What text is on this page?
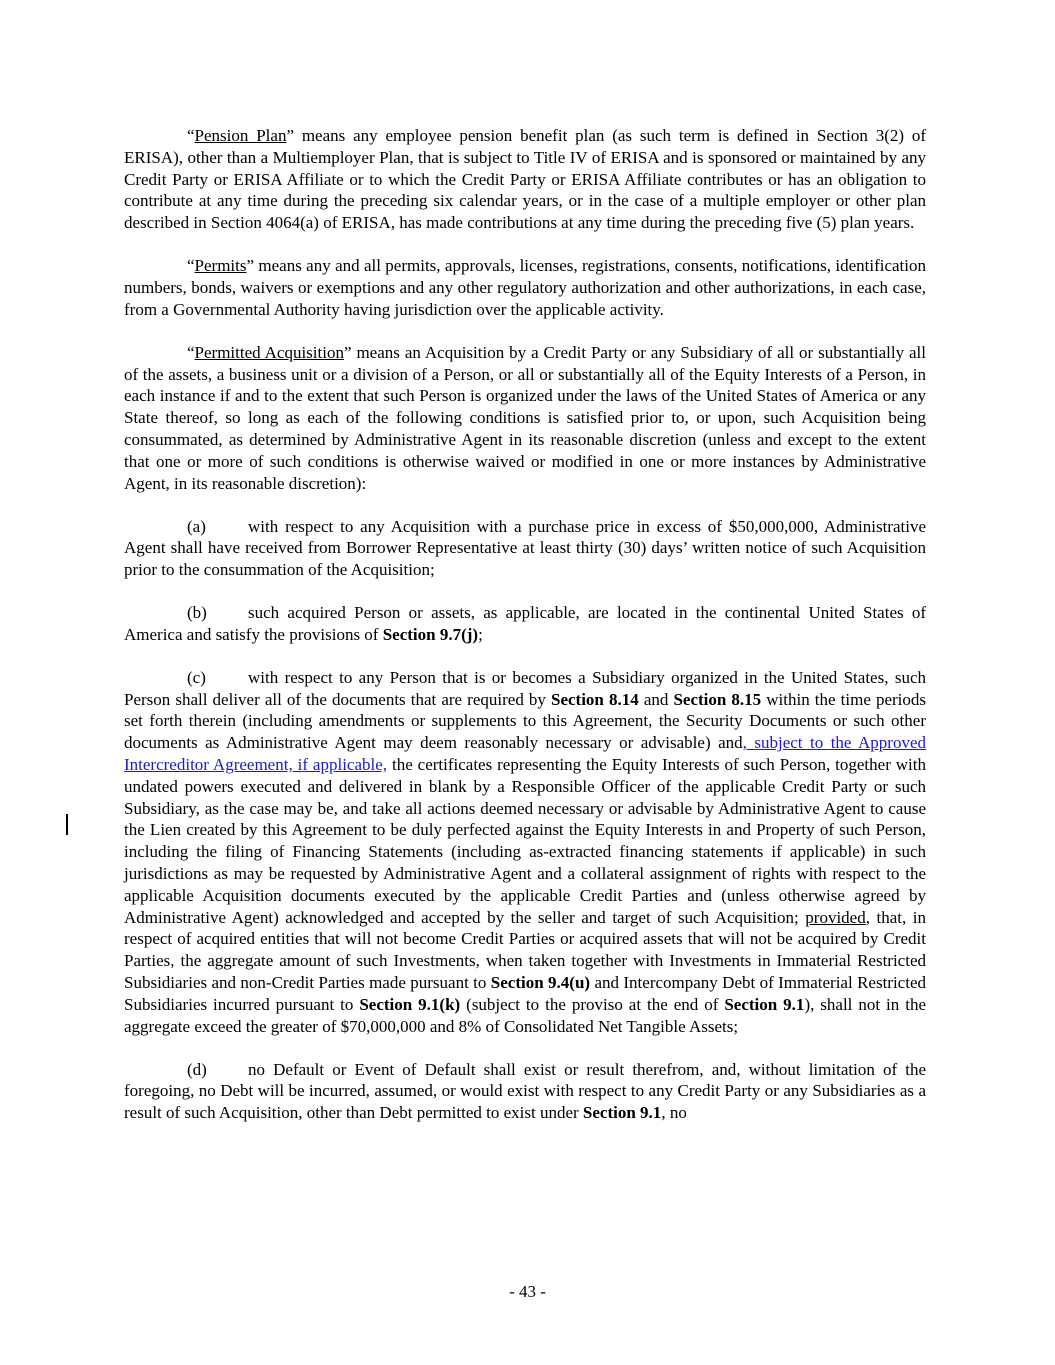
“Pension Plan” means any employee pension benefit plan (as such term is defined in Section 3(2) of ERISA), other than a Multiemployer Plan, that is subject to Title IV of ERISA and is sponsored or maintained by any Credit Party or ERISA Affiliate or to which the Credit Party or ERISA Affiliate contributes or has an obligation to contribute at any time during the preceding six calendar years, or in the case of a multiple employer or other plan described in Section 4064(a) of ERISA, has made contributions at any time during the preceding five (5) plan years.

“Permits” means any and all permits, approvals, licenses, registrations, consents, notifications, identification numbers, bonds, waivers or exemptions and any other regulatory authorization and other authorizations, in each case, from a Governmental Authority having jurisdiction over the applicable activity.

“Permitted Acquisition” means an Acquisition by a Credit Party or any Subsidiary of all or substantially all of the assets, a business unit or a division of a Person, or all or substantially all of the Equity Interests of a Person, in each instance if and to the extent that such Person is organized under the laws of the United States of America or any State thereof, so long as each of the following conditions is satisfied prior to, or upon, such Acquisition being consummated, as determined by Administrative Agent in its reasonable discretion (unless and except to the extent that one or more of such conditions is otherwise waived or modified in one or more instances by Administrative Agent, in its reasonable discretion):

(a) with respect to any Acquisition with a purchase price in excess of $50,000,000, Administrative Agent shall have received from Borrower Representative at least thirty (30) days’ written notice of such Acquisition prior to the consummation of the Acquisition;

(b) such acquired Person or assets, as applicable, are located in the continental United States of America and satisfy the provisions of Section 9.7(j);

(c) with respect to any Person that is or becomes a Subsidiary organized in the United States, such Person shall deliver all of the documents that are required by Section 8.14 and Section 8.15 within the time periods set forth therein (including amendments or supplements to this Agreement, the Security Documents or such other documents as Administrative Agent may deem reasonably necessary or advisable) and, subject to the Approved Intercreditor Agreement, if applicable, the certificates representing the Equity Interests of such Person, together with undated powers executed and delivered in blank by a Responsible Officer of the applicable Credit Party or such Subsidiary, as the case may be, and take all actions deemed necessary or advisable by Administrative Agent to cause the Lien created by this Agreement to be duly perfected against the Equity Interests in and Property of such Person, including the filing of Financing Statements (including as-extracted financing statements if applicable) in such jurisdictions as may be requested by Administrative Agent and a collateral assignment of rights with respect to the applicable Acquisition documents executed by the applicable Credit Parties and (unless otherwise agreed by Administrative Agent) acknowledged and accepted by the seller and target of such Acquisition; provided, that, in respect of acquired entities that will not become Credit Parties or acquired assets that will not be acquired by Credit Parties, the aggregate amount of such Investments, when taken together with Investments in Immaterial Restricted Subsidiaries and non-Credit Parties made pursuant to Section 9.4(u) and Intercompany Debt of Immaterial Restricted Subsidiaries incurred pursuant to Section 9.1(k) (subject to the proviso at the end of Section 9.1), shall not in the aggregate exceed the greater of $70,000,000 and 8% of Consolidated Net Tangible Assets;

(d) no Default or Event of Default shall exist or result therefrom, and, without limitation of the foregoing, no Debt will be incurred, assumed, or would exist with respect to any Credit Party or any Subsidiaries as a result of such Acquisition, other than Debt permitted to exist under Section 9.1, no

- 43 -
